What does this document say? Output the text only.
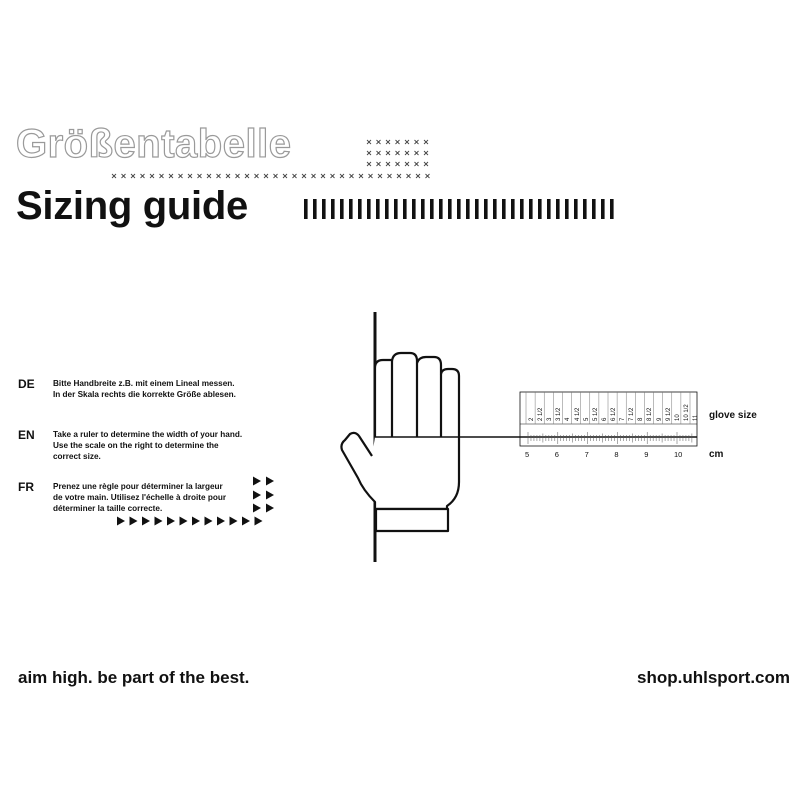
Größentabelle
Sizing guide
DE Bitte Handbreite z.B. mit einem Lineal messen.
In der Skala rechts die korrekte Größe ablesen.
EN Take a ruler to determine the width of your hand.
Use the scale on the right to determine the
correct size.
FR Prenez une règle pour déterminer la largeur
de votre main. Utilisez l'échelle à droite pour
déterminer la taille correcte.
2 2 1/2 3 3 1/2 4 4 1/2 5 5 1/2 6 6 1/2 7 7 1/2 8 8 1/2 9 9 1/2 10 10 1/2 11
5	6	7	8	9	10
glove size
cm
aim high. be part of the best.	shop.uhlsport.com
